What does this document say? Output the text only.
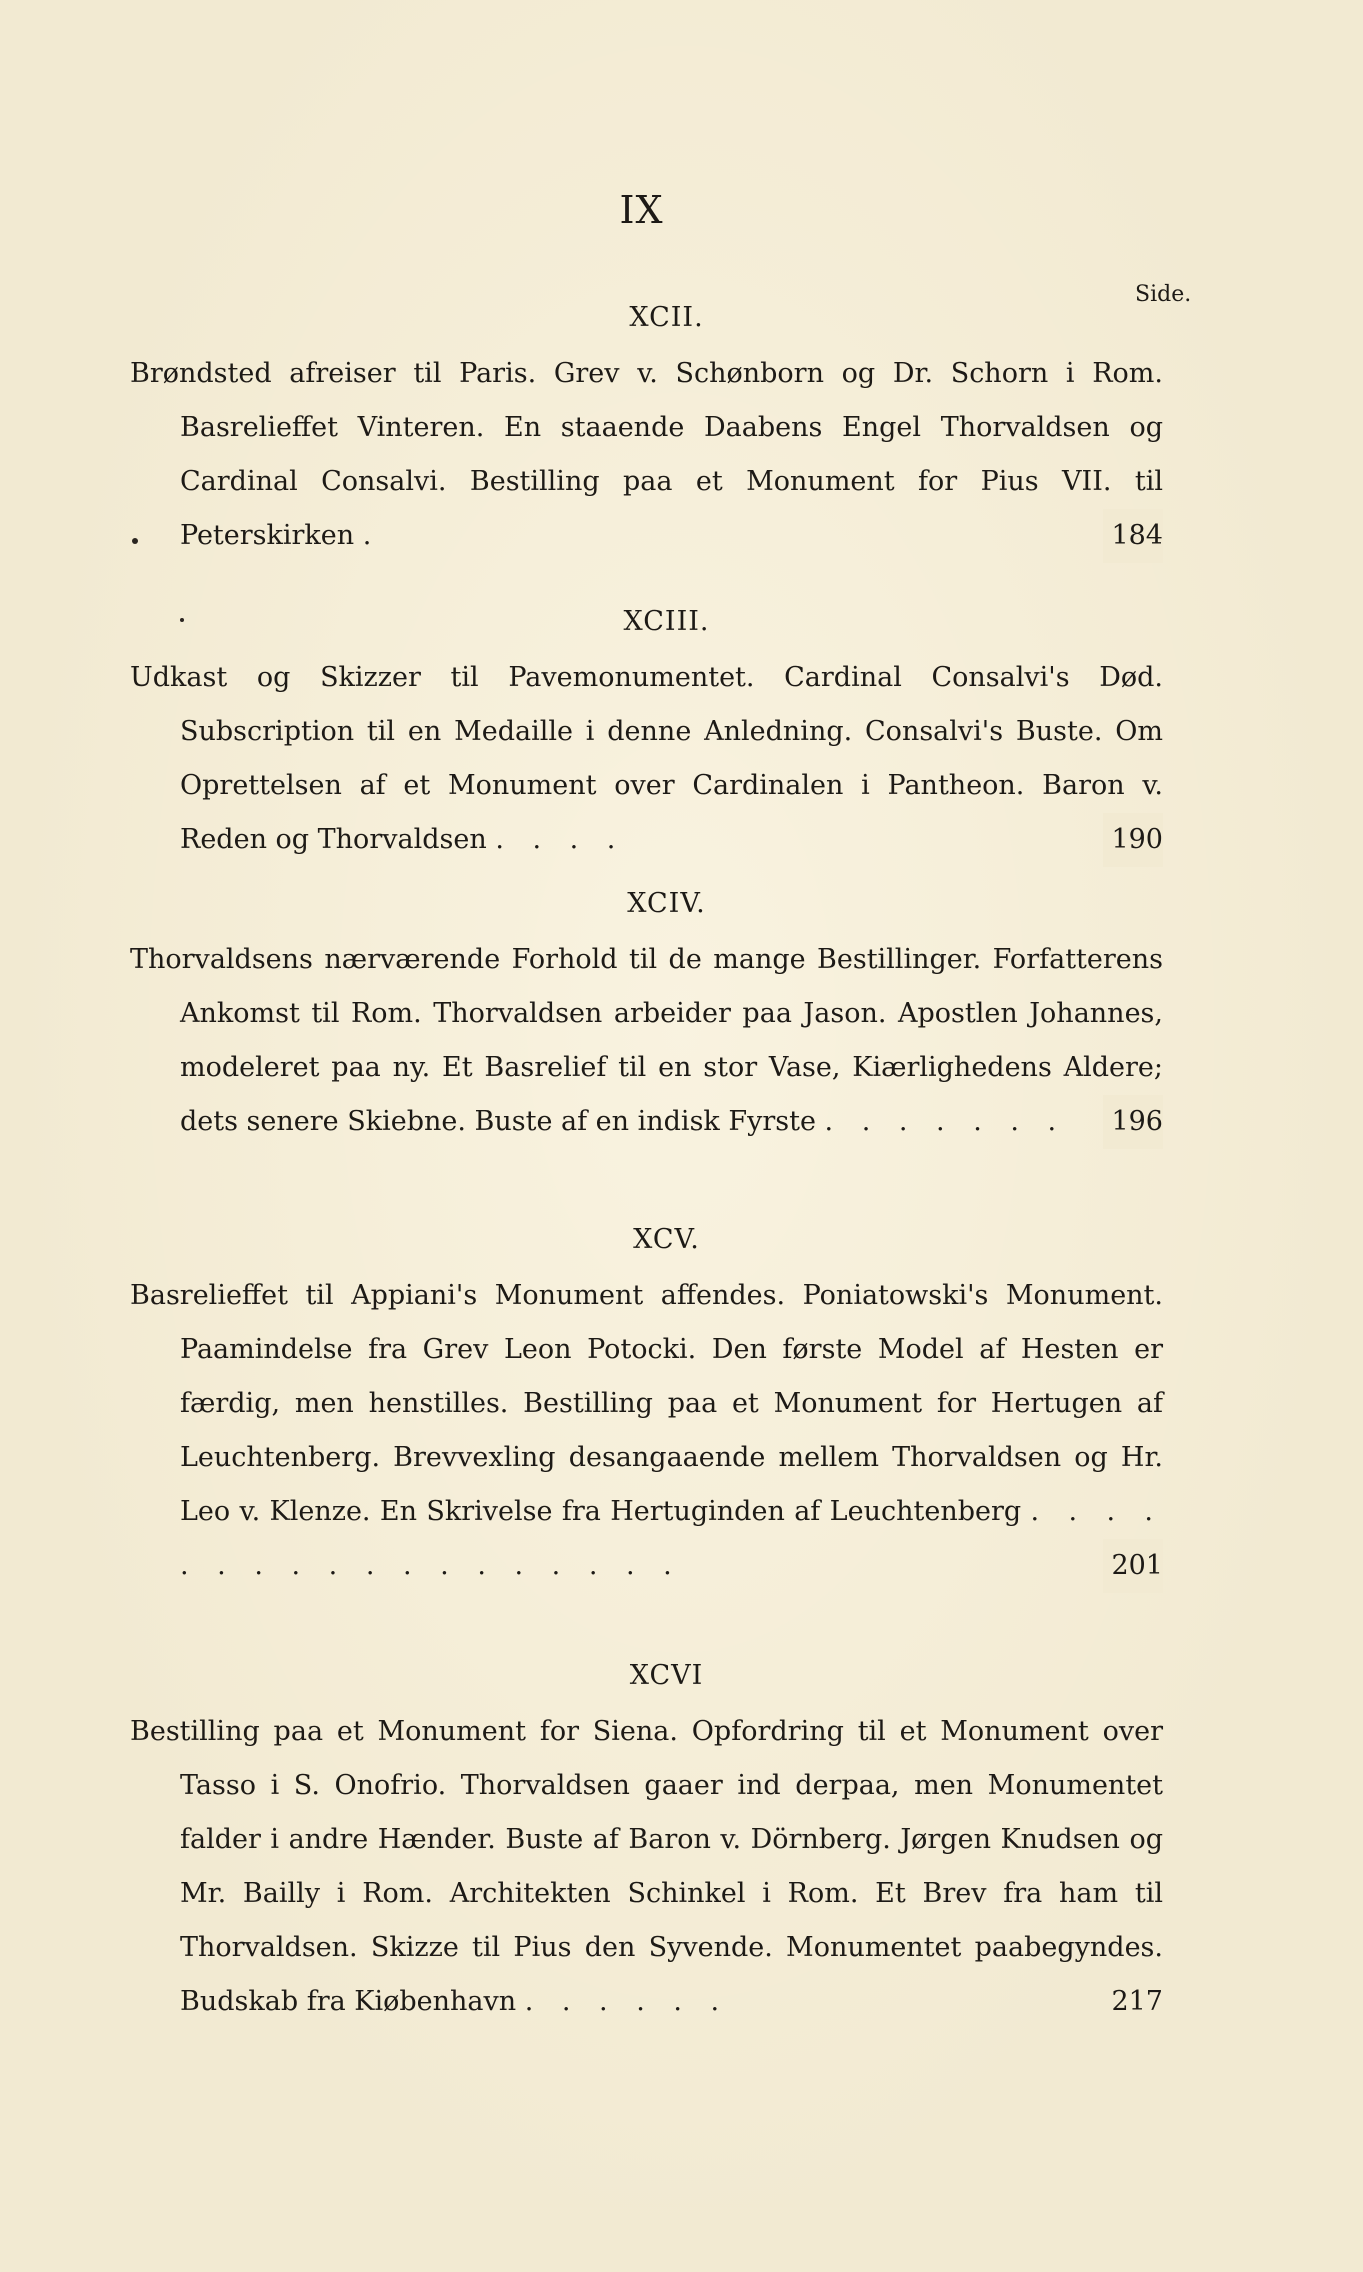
IX
Side.
XCII.
Brøndsted afreiser til Paris. Grev v. Schønborn og Dr. Schorn i Rom. Basrelieffet Vinteren. En staaende Daabens Engel Thorvaldsen og Cardinal Consalvi. Bestilling paa et Monument for Pius VII. til Peterskirken .	184
XCIII.
Udkast og Skizzer til Pavemonumentet. Cardinal Consalvi's Død. Subscription til en Medaille i denne Anledning. Consalvi's Buste. Om Oprettelsen af et Monument over Cardinalen i Pantheon. Baron v. Reden og Thorvaldsen . . . .	190
XCIV.
Thorvaldsens nærværende Forhold til de mange Bestillinger. Forfatterens Ankomst til Rom. Thorvaldsen arbeider paa Jason. Apostlen Johannes, modeleret paa ny. Et Basrelief til en stor Vase, Kiærlighedens Aldere; dets senere Skiebne. Buste af en indisk Fyrste . . . . . . .	196
XCV.
Basrelieffet til Appiani's Monument affendes. Poniatowski's Monument. Paamindelse fra Grev Leon Potocki. Den første Model af Hesten er færdig, men henstilles. Bestilling paa et Monument for Hertugen af Leuchtenberg. Brevvexling desangaaende mellem Thorvaldsen og Hr. Leo v. Klenze. En Skrivelse fra Hertuginden af Leuchtenberg . . . . . . . . . . . . . . . . . .	201
XCVI
Bestilling paa et Monument for Siena. Opfordring til et Monument over Tasso i S. Onofrio. Thorvaldsen gaaer ind derpaa, men Monumentet falder i andre Hænder. Buste af Baron v. Dörnberg. Jørgen Knudsen og Mr. Bailly i Rom. Architekten Schinkel i Rom. Et Brev fra ham til Thorvaldsen. Skizze til Pius den Syvende. Monumentet paabegyndes. Budskab fra Kiøbenhavn . . . . . .	217
